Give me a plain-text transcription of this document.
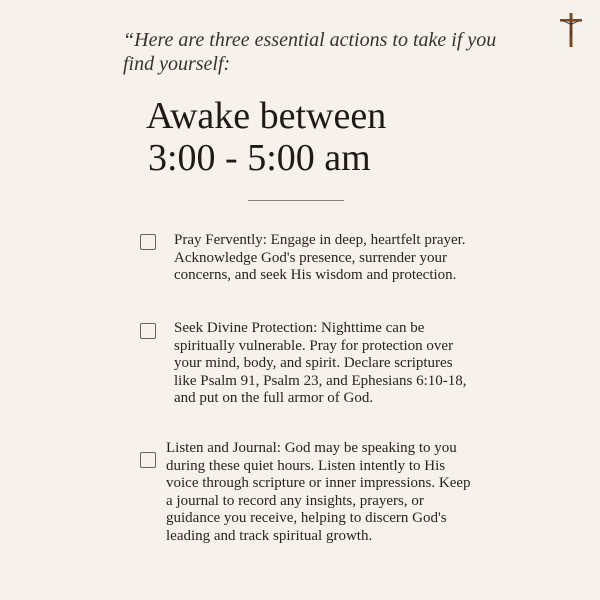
“Here are three essential actions to take if you find yourself:
Awake between
3:00 - 5:00 am

Pray Fervently: Engage in deep, heartfelt prayer. Acknowledge God's presence, surrender your concerns, and seek His wisdom and protection.

Seek Divine Protection: Nighttime can be spiritually vulnerable. Pray for protection over your mind, body, and spirit. Declare scriptures like Psalm 91, Psalm 23, and Ephesians 6:10-18, and put on the full armor of God.

Listen and Journal: God may be speaking to you during these quiet hours. Listen intently to His voice through scripture or inner impressions. Keep a journal to record any insights, prayers, or guidance you receive, helping to discern God's leading and track spiritual growth.
